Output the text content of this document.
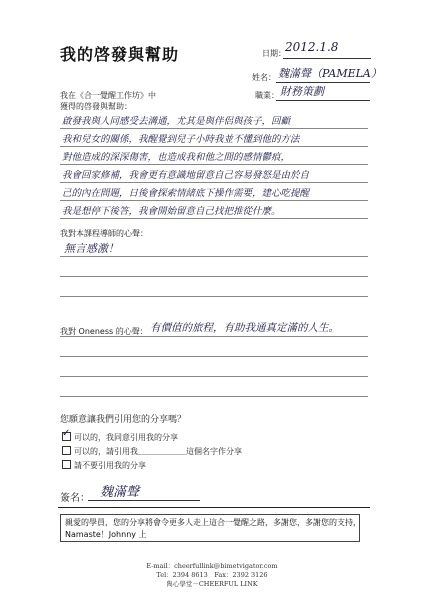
我的啓發與幫助	日期： 2012.1.8
姓名： 魏滿聲（PAMELA）
職業： 財務策劃
我在《合一覺醒工作坊》中
獲得的啓發與幫助：
啟發我與人同感受去溝通，尤其是與伴侶與孩子，回顧
我和兒女的關係，我醒覺到兒子小時我並不懂到他的方法
對他造成的深深傷害，也造成我和他之間的感情鬱痕，
我會回家修補，我會更有意識地留意自己容易發怒是由於自
己的內在問題，日後會探索情緒底下操作需要，建心吃提醒
我是想停下後答，我會開始留意自己找把推從什麼。
我對本課程導師的心聲：
無言感激！
我對 Oneness 的心聲： 有價值的旅程，有助我通真定滿的人生。
您願意讓我們引用您的分享嗎？
✓ 可以的，我同意引用我的分享
可以的，請引用我＿＿＿＿＿＿這個名字作分享
請不要引用我的分享
簽名： 魏滿聲
親愛的學員，您的分享將會令更多人走上這合一覺醒之路，多謝您，多謝您的支持，
Namaste！Johnny 上
E-mail：cheerfullink@bimetvigator.com
Tel：2394 8613　Fax：2392 3126
雋心學堂－CHEERFUL LINK
